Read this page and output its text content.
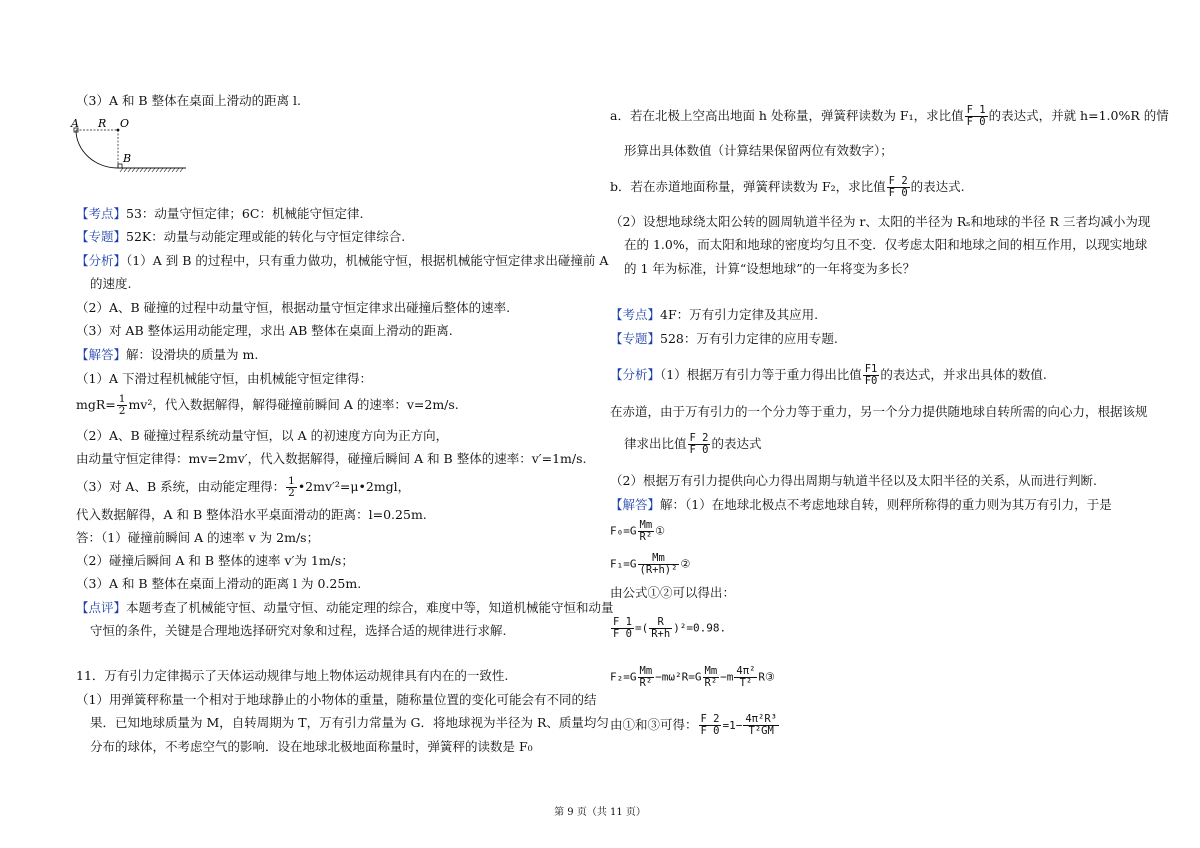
（3）A 和 B 整体在桌面上滑动的距离 l.
A R O
B
【考点】53：动量守恒定律；6C：机械能守恒定律.
【专题】52K：动量与动能定理或能的转化与守恒定律综合.
【分析】（1）A 到 B 的过程中，只有重力做功，机械能守恒，根据机械能守恒定律求出碰撞前 A
的速度.
（2）A、B 碰撞的过程中动量守恒，根据动量守恒定律求出碰撞后整体的速率.
（3）对 AB 整体运用动能定理，求出 AB 整体在桌面上滑动的距离.
【解答】解：设滑块的质量为 m.
（1）A 下滑过程机械能守恒，由机械能守恒定律得：
$mgR= \frac{1}{2} mv^2$，代入数据解得，解得碰撞前瞬间 A 的速率：v=2m/s.
（2）A、B 碰撞过程系统动量守恒，以 A 的初速度方向为正方向，
由动量守恒定律得：mv=2mv′，代入数据解得，碰撞后瞬间 A 和 B 整体的速率：v′=1m/s.
（3）对 A、B 系统，由动能定理得： $\frac{1}{2}$ •2mv′²=μ•2mgl，
代入数据解得，A 和 B 整体沿水平桌面滑动的距离：l=0.25m.
答：（1）碰撞前瞬间 A 的速率 v 为 2m/s；
（2）碰撞后瞬间 A 和 B 整体的速率 v′为 1m/s；
（3）A 和 B 整体在桌面上滑动的距离 l 为 0.25m.
【点评】本题考查了机械能守恒、动量守恒、动能定理的综合，难度中等，知道机械能守恒和动量
守恒的条件，关键是合理地选择研究对象和过程，选择合适的规律进行求解.
11．万有引力定律揭示了天体运动规律与地上物体运动规律具有内在的一致性.
（1）用弹簧秤称量一个相对于地球静止的小物体的重量，随称量位置的变化可能会有不同的结
果．已知地球质量为 M，自转周期为 T，万有引力常量为 G．将地球视为半径为 R、质量均匀
分布的球体，不考虑空气的影响．设在地球北极地面称量时，弹簧秤的读数是 F₀
a．若在北极上空高出地面 h 处称量，弹簧秤读数为 F₁，求比值 $\frac{F 1}{F 0}$ 的表达式，并就 h=1.0%R 的情
形算出具体数值（计算结果保留两位有效数字）；
b．若在赤道地面称量，弹簧秤读数为 F₂，求比值 $\frac{F 2}{F 0}$ 的表达式.
（2）设想地球绕太阳公转的圆周轨道半径为 r、太阳的半径为 Rₛ和地球的半径 R 三者均减小为现
在的 1.0%，而太阳和地球的密度均匀且不变．仅考虑太阳和地球之间的相互作用，以现实地球
的 1 年为标准，计算“设想地球”的一年将变为多长？
【考点】4F：万有引力定律及其应用.
【专题】528：万有引力定律的应用专题.
【分析】（1）根据万有引力等于重力得出比值 $\frac{F1}{F0}$ 的表达式，并求出具体的数值.
在赤道，由于万有引力的一个分力等于重力，另一个分力提供随地球自转所需的向心力，根据该规
律求出比值 $\frac{F 2}{F 0}$ 的表达式
（2）根据万有引力提供向心力得出周期与轨道半径以及太阳半径的关系，从而进行判断.
【解答】解：（1）在地球北极点不考虑地球自转，则秤所称得的重力则为其万有引力，于是
$F_0=G \frac{Mm}{\text{R²}}$ ①
$F_1=G \frac{Mm}{\text{(R+h)²}}$ ②
由公式①②可以得出：
$\frac{F 1}{F 0}$ =( $\frac{R}{R+h} )^2=0.98$.
$F_2=G \frac{Mm}{\text{R²}} -m\omega^2R=G \frac{Mm}{\text{R²}} -m \frac{\text{4π²}}{\text{T²}}$ R③
由①和③可得： $\frac{F 2}{F 0} =1- \frac{\text{4π²R³}}{\text{T²GM}}$
第 9 页（共 11 页）
